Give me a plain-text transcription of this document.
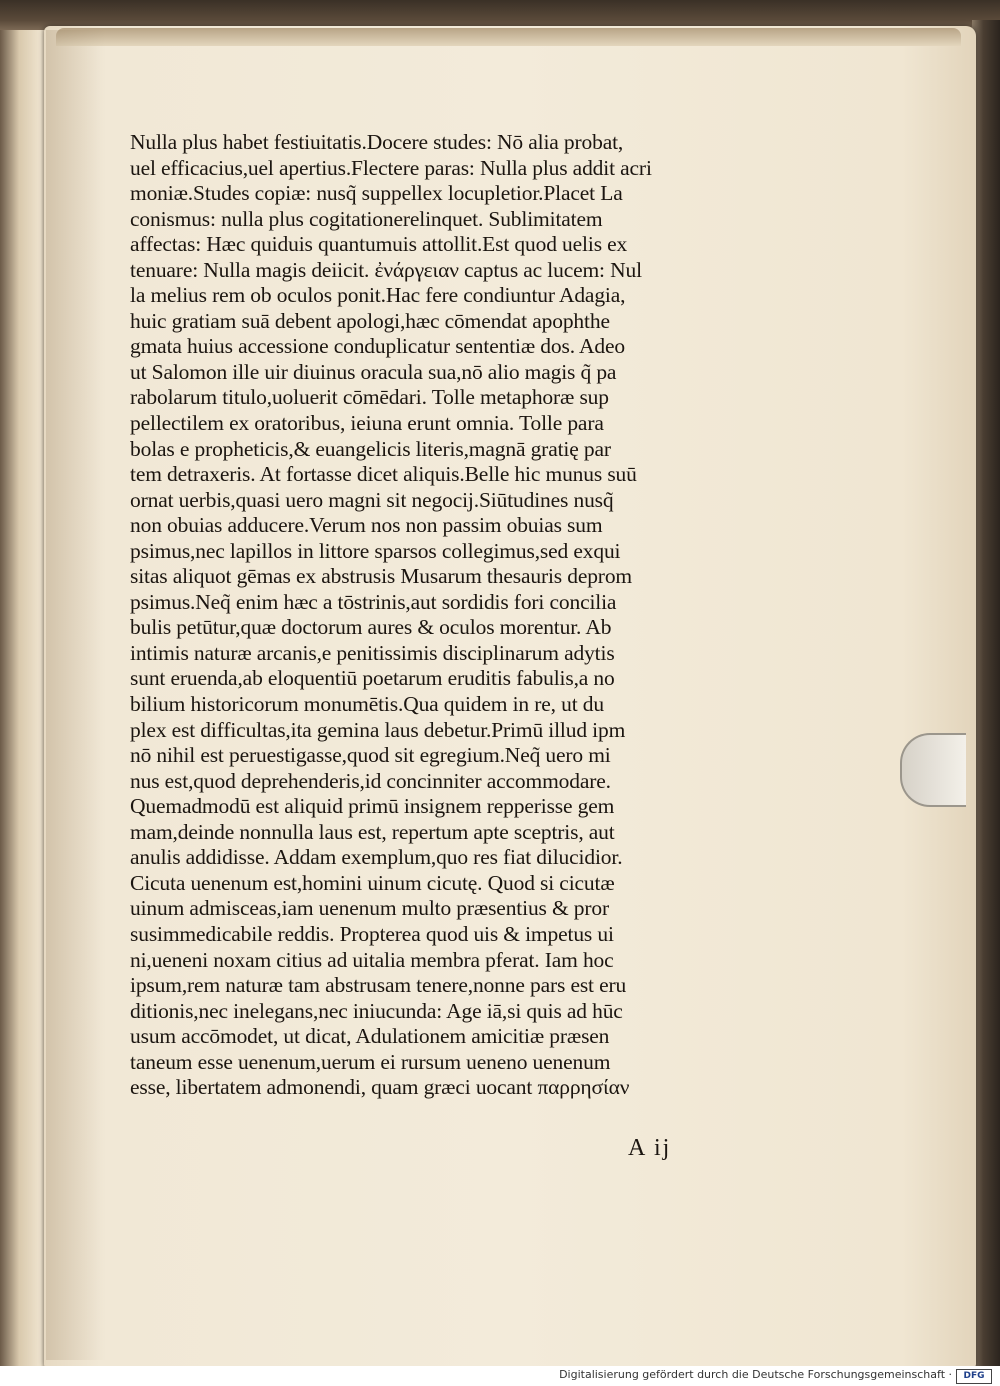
Nulla plus habet festiuitatis.Docere studes: Nō alia probat,
uel efficacius,uel apertius.Flectere paras: Nulla plus addit acri
moniæ.Studes copiæ: nusq̃ suppellex locupletior.Placet La
conismus: nulla plus cogitationerelinquet. Sublimitatem
affectas: Hæc quiduis quantumuis attollit.Est quod uelis ex
tenuare: Nulla magis deiicit. ἐνάργειαν captus ac lucem: Nul
la melius rem ob oculos ponit.Hac fere condiuntur Adagia,
huic gratiam suā debent apologi,hæc cōmendat apophthe
gmata huius accessione conduplicatur sententiæ dos. Adeo
ut Salomon ille uir diuinus oracula sua,nō alio magis q̃ pa
rabolarum titulo,uoluerit cōmēdari. Tolle metaphoræ sup
pellectilem ex oratoribus, ieiuna erunt omnia. Tolle para
bolas e propheticis,& euangelicis literis,magnā gratię par
tem detraxeris. At fortasse dicet aliquis.Belle hic munus suū
ornat uerbis,quasi uero magni sit negocij.Siūtudines nusq̃
non obuias adducere.Verum nos non passim obuias sum
psimus,nec lapillos in littore sparsos collegimus,sed exqui
sitas aliquot gēmas ex abstrusis Musarum thesauris deprom
psimus.Neq̃ enim hæc a tōstrinis,aut sordidis fori concilia
bulis petūtur,quæ doctorum aures & oculos morentur. Ab
intimis naturæ arcanis,e penitissimis disciplinarum adytis
sunt eruenda,ab eloquentiū poetarum eruditis fabulis,a no
bilium historicorum monumētis.Qua quidem in re, ut du
plex est difficultas,ita gemina laus debetur.Primū illud ipm
nō nihil est peruestigasse,quod sit egregium.Neq̃ uero mi
nus est,quod deprehenderis,id concinniter accommodare.
Quemadmodū est aliquid primū insignem repperisse gem
mam,deinde nonnulla laus est, repertum apte sceptris, aut
anulis addidisse. Addam exemplum,quo res fiat dilucidior.
Cicuta uenenum est,homini uinum cicutę. Quod si cicutæ
uinum admisceas,iam uenenum multo præsentius & pror
susimmedicabile reddis. Propterea quod uis & impetus ui
ni,ueneni noxam citius ad uitalia membra pferat. Iam hoc
ipsum,rem naturæ tam abstrusam tenere,nonne pars est eru
ditionis,nec inelegans,nec iniucunda: Age iā,si quis ad hūc
usum accōmodet, ut dicat, Adulationem amicitiæ præsen
taneum esse uenenum,uerum ei rursum ueneno uenenum
esse, libertatem admonendi, quam græci uocant παρρησίαν
A ij
Digitalisierung gefördert durch die Deutsche Forschungsgemeinschaft ·	DFG
